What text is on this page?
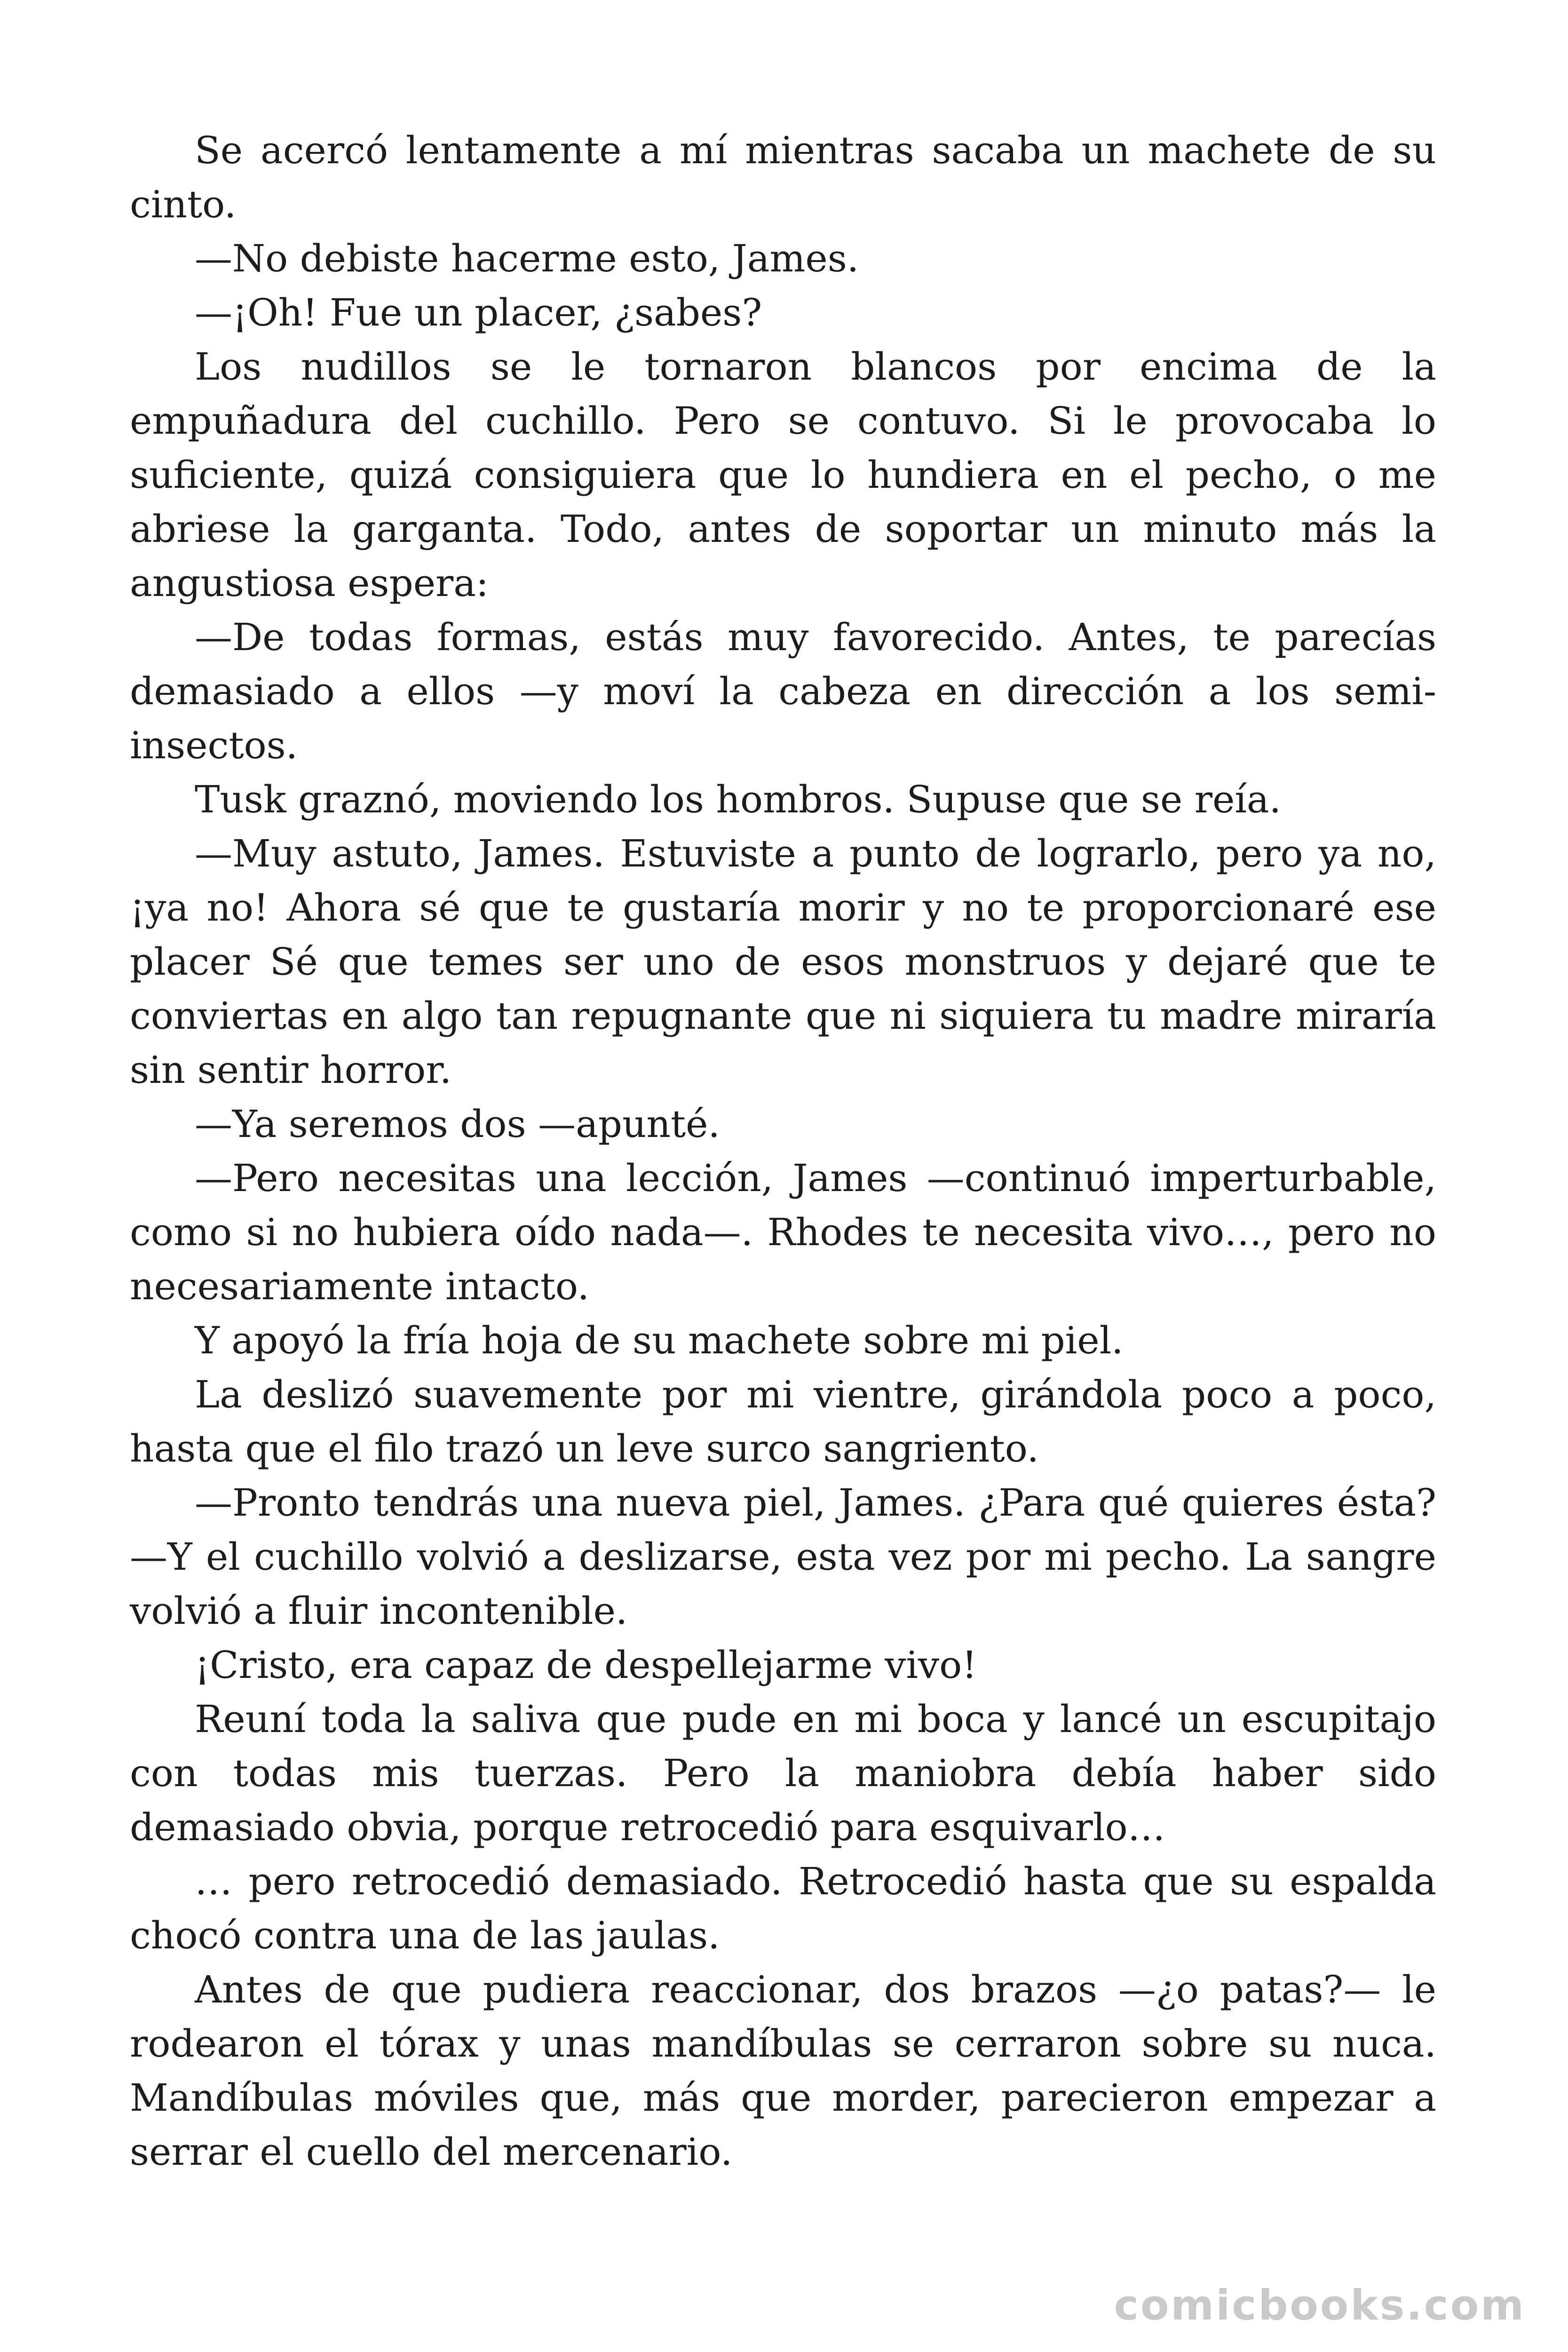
Se acercó lentamente a mí mientras sacaba un machete de su cinto.

—No debiste hacerme esto, James.

—¡Oh! Fue un placer, ¿sabes?

Los nudillos se le tornaron blancos por encima de la empuñadura del cuchillo. Pero se contuvo. Si le provocaba lo suficiente, quizá consiguiera que lo hundiera en el pecho, o me abriese la garganta. Todo, antes de soportar un minuto más la angustiosa espera:

—De todas formas, estás muy favorecido. Antes, te parecías demasiado a ellos —y moví la cabeza en dirección a los semi-insectos.

Tusk graznó, moviendo los hombros. Supuse que se reía.

—Muy astuto, James. Estuviste a punto de lograrlo, pero ya no, ¡ya no! Ahora sé que te gustaría morir y no te proporcionaré ese placer Sé que temes ser uno de esos monstruos y dejaré que te conviertas en algo tan repugnante que ni siquiera tu madre miraría sin sentir horror.

—Ya seremos dos —apunté.

—Pero necesitas una lección, James —continuó imperturbable, como si no hubiera oído nada—. Rhodes te necesita vivo…, pero no necesariamente intacto.

Y apoyó la fría hoja de su machete sobre mi piel.

La deslizó suavemente por mi vientre, girándola poco a poco, hasta que el filo trazó un leve surco sangriento.

—Pronto tendrás una nueva piel, James. ¿Para qué quieres ésta? —Y el cuchillo volvió a deslizarse, esta vez por mi pecho. La sangre volvió a fluir incontenible.

¡Cristo, era capaz de despellejarme vivo!

Reuní toda la saliva que pude en mi boca y lancé un escupitajo con todas mis tuerzas. Pero la maniobra debía haber sido demasiado obvia, porque retrocedió para esquivarlo…

… pero retrocedió demasiado. Retrocedió hasta que su espalda chocó contra una de las jaulas.

Antes de que pudiera reaccionar, dos brazos —¿o patas?— le rodearon el tórax y unas mandíbulas se cerraron sobre su nuca. Mandíbulas móviles que, más que morder, parecieron empezar a serrar el cuello del mercenario.

comicbooks.com
